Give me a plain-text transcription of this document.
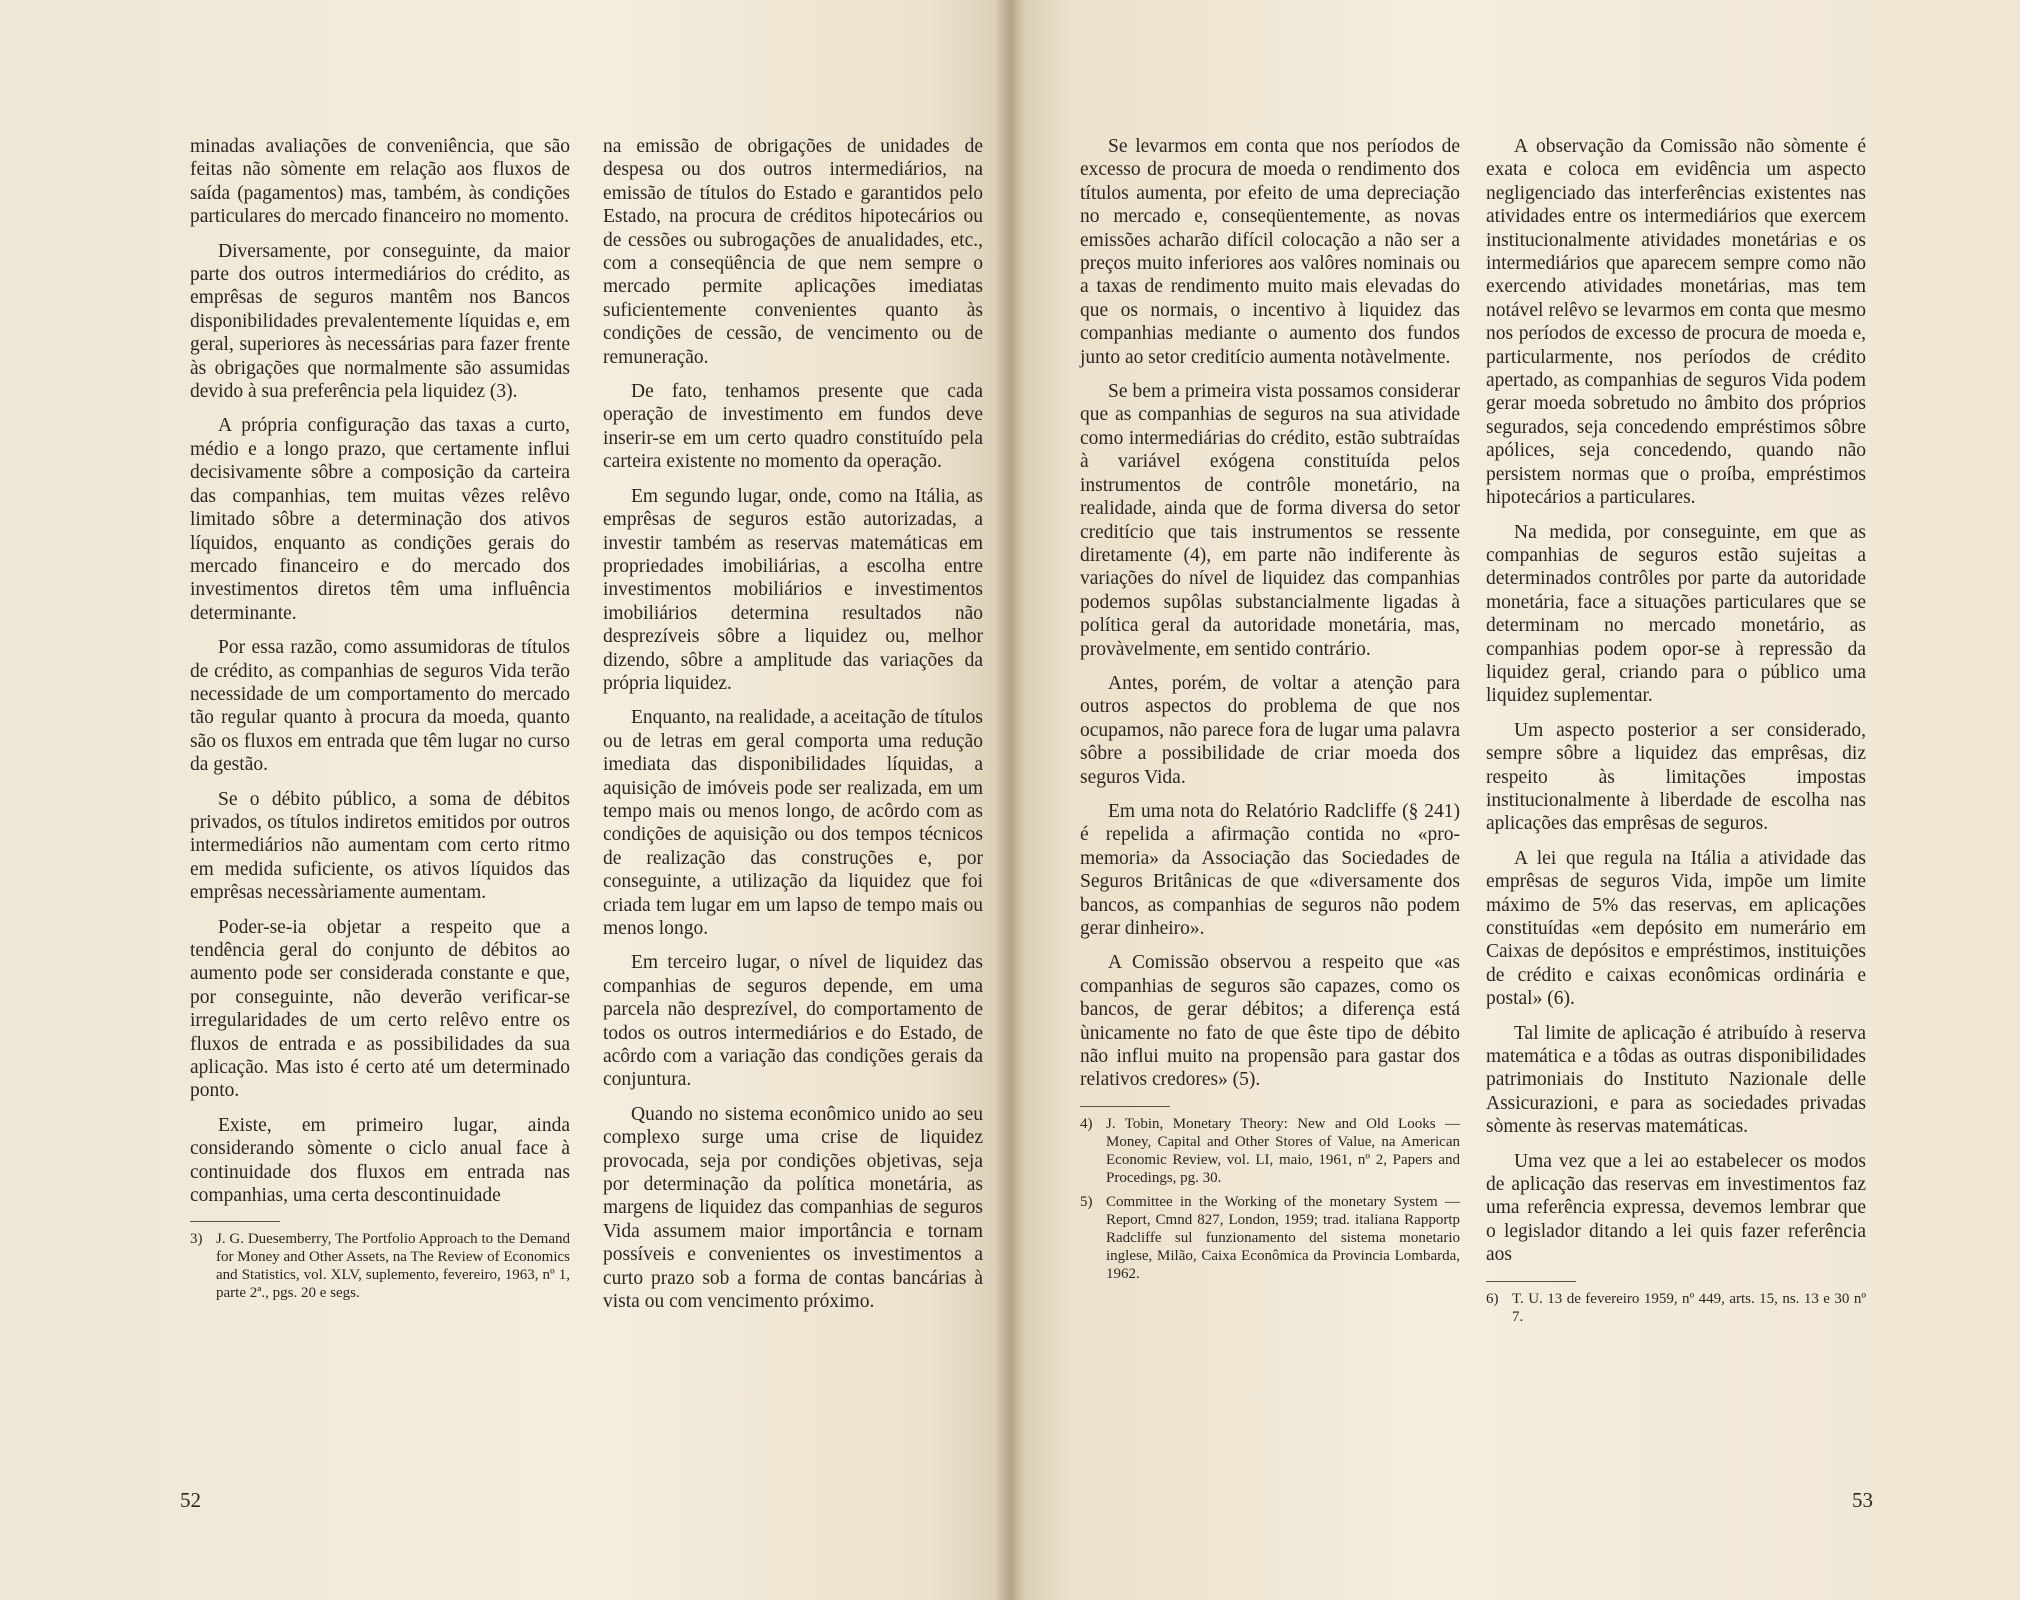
minadas avaliações de conveniência, que são feitas não sòmente em relação aos fluxos de saída (pagamentos) mas, também, às condições particulares do mercado financeiro no momento.

Diversamente, por conseguinte, da maior parte dos outros intermediários do crédito, as emprêsas de seguros mantêm nos Bancos disponibilidades prevalentemente líquidas e, em geral, superiores às necessárias para fazer frente às obrigações que normalmente são assumidas devido à sua preferência pela liquidez (3).

A própria configuração das taxas a curto, médio e a longo prazo, que certamente influi decisivamente sôbre a composição da carteira das companhias, tem muitas vêzes relêvo limitado sôbre a determinação dos ativos líquidos, enquanto as condições gerais do mercado financeiro e do mercado dos investimentos diretos têm uma influência determinante.

Por essa razão, como assumidoras de títulos de crédito, as companhias de seguros Vida terão necessidade de um comportamento do mercado tão regular quanto à procura da moeda, quanto são os fluxos em entrada que têm lugar no curso da gestão.

Se o débito público, a soma de débitos privados, os títulos indiretos emitidos por outros intermediários não aumentam com certo ritmo em medida suficiente, os ativos líquidos das emprêsas necessàriamente aumentam.

Poder-se-ia objetar a respeito que a tendência geral do conjunto de débitos ao aumento pode ser considerada constante e que, por conseguinte, não deverão verificar-se irregularidades de um certo relêvo entre os fluxos de entrada e as possibilidades da sua aplicação. Mas isto é certo até um determinado ponto.

Existe, em primeiro lugar, ainda considerando sòmente o ciclo anual face à continuidade dos fluxos em entrada nas companhias, uma certa descontinuidade

3) J. G. Duesemberry, The Portfolio Approach to the Demand for Money and Other Assets, na The Review of Economics and Statistics, vol. XLV, suplemento, fevereiro, 1963, nº 1, parte 2ª., pgs. 20 e segs.

na emissão de obrigações de unidades de despesa ou dos outros intermediários, na emissão de títulos do Estado e garantidos pelo Estado, na procura de créditos hipotecários ou de cessões ou subrogações de anualidades, etc., com a conseqüência de que nem sempre o mercado permite aplicações imediatas suficientemente convenientes quanto às condições de cessão, de vencimento ou de remuneração.

De fato, tenhamos presente que cada operação de investimento em fundos deve inserir-se em um certo quadro constituído pela carteira existente no momento da operação.

Em segundo lugar, onde, como na Itália, as emprêsas de seguros estão autorizadas, a investir também as reservas matemáticas em propriedades imobiliárias, a escolha entre investimentos mobiliários e investimentos imobiliários determina resultados não desprezíveis sôbre a liquidez ou, melhor dizendo, sôbre a amplitude das variações da própria liquidez.

Enquanto, na realidade, a aceitação de títulos ou de letras em geral comporta uma redução imediata das disponibilidades líquidas, a aquisição de imóveis pode ser realizada, em um tempo mais ou menos longo, de acôrdo com as condições de aquisição ou dos tempos técnicos de realização das construções e, por conseguinte, a utilização da liquidez que foi criada tem lugar em um lapso de tempo mais ou menos longo.

Em terceiro lugar, o nível de liquidez das companhias de seguros depende, em uma parcela não desprezível, do comportamento de todos os outros intermediários e do Estado, de acôrdo com a variação das condições gerais da conjuntura.

Quando no sistema econômico unido ao seu complexo surge uma crise de liquidez provocada, seja por condições objetivas, seja por determinação da política monetária, as margens de liquidez das companhias de seguros Vida assumem maior importância e tornam possíveis e convenientes os investimentos a curto prazo sob a forma de contas bancárias à vista ou com vencimento próximo.

52

Se levarmos em conta que nos períodos de excesso de procura de moeda o rendimento dos títulos aumenta, por efeito de uma depreciação no mercado e, conseqüentemente, as novas emissões acharão difícil colocação a não ser a preços muito inferiores aos valôres nominais ou a taxas de rendimento muito mais elevadas do que os normais, o incentivo à liquidez das companhias mediante o aumento dos fundos junto ao setor creditício aumenta notàvelmente.

Se bem a primeira vista possamos considerar que as companhias de seguros na sua atividade como intermediárias do crédito, estão subtraídas à variável exógena constituída pelos instrumentos de contrôle monetário, na realidade, ainda que de forma diversa do setor creditício que tais instrumentos se ressente diretamente (4), em parte não indiferente às variações do nível de liquidez das companhias podemos supôlas substancialmente ligadas à política geral da autoridade monetária, mas, provàvelmente, em sentido contrário.

Antes, porém, de voltar a atenção para outros aspectos do problema de que nos ocupamos, não parece fora de lugar uma palavra sôbre a possibilidade de criar moeda dos seguros Vida.

Em uma nota do Relatório Radcliffe (§ 241) é repelida a afirmação contida no «pro-memoria» da Associação das Sociedades de Seguros Britânicas de que «diversamente dos bancos, as companhias de seguros não podem gerar dinheiro».

A Comissão observou a respeito que «as companhias de seguros são capazes, como os bancos, de gerar débitos; a diferença está ùnicamente no fato de que êste tipo de débito não influi muito na propensão para gastar dos relativos credores» (5).

4) J. Tobin, Monetary Theory: New and Old Looks — Money, Capital and Other Stores of Value, na American Economic Review, vol. LI, maio, 1961, nº 2, Papers and Procedings, pg. 30.
5) Committee in the Working of the monetary System — Report, Cmnd 827, London, 1959; trad. italiana Rapportp Radcliffe sul funzionamento del sistema monetario inglese, Milão, Caixa Econômica da Provincia Lombarda, 1962.

A observação da Comissão não sòmente é exata e coloca em evidência um aspecto negligenciado das interferências existentes nas atividades entre os intermediários que exercem institucionalmente atividades monetárias e os intermediários que aparecem sempre como não exercendo atividades monetárias, mas tem notável relêvo se levarmos em conta que mesmo nos períodos de excesso de procura de moeda e, particularmente, nos períodos de crédito apertado, as companhias de seguros Vida podem gerar moeda sobretudo no âmbito dos próprios segurados, seja concedendo empréstimos sôbre apólices, seja concedendo, quando não persistem normas que o proíba, empréstimos hipotecários a particulares.

Na medida, por conseguinte, em que as companhias de seguros estão sujeitas a determinados contrôles por parte da autoridade monetária, face a situações particulares que se determinam no mercado monetário, as companhias podem opor-se à repressão da liquidez geral, criando para o público uma liquidez suplementar.

Um aspecto posterior a ser considerado, sempre sôbre a liquidez das emprêsas, diz respeito às limitações impostas institucionalmente à liberdade de escolha nas aplicações das emprêsas de seguros.

A lei que regula na Itália a atividade das emprêsas de seguros Vida, impõe um limite máximo de 5% das reservas, em aplicações constituídas «em depósito em numerário em Caixas de depósitos e empréstimos, instituições de crédito e caixas econômicas ordinária e postal» (6).

Tal limite de aplicação é atribuído à reserva matemática e a tôdas as outras disponibilidades patrimoniais do Instituto Nazionale delle Assicurazioni, e para as sociedades privadas sòmente às reservas matemáticas.

Uma vez que a lei ao estabelecer os modos de aplicação das reservas em investimentos faz uma referência expressa, devemos lembrar que o legislador ditando a lei quis fazer referência aos

6) T. U. 13 de fevereiro 1959, nº 449, arts. 15, ns. 13 e 30 nº 7.
53
